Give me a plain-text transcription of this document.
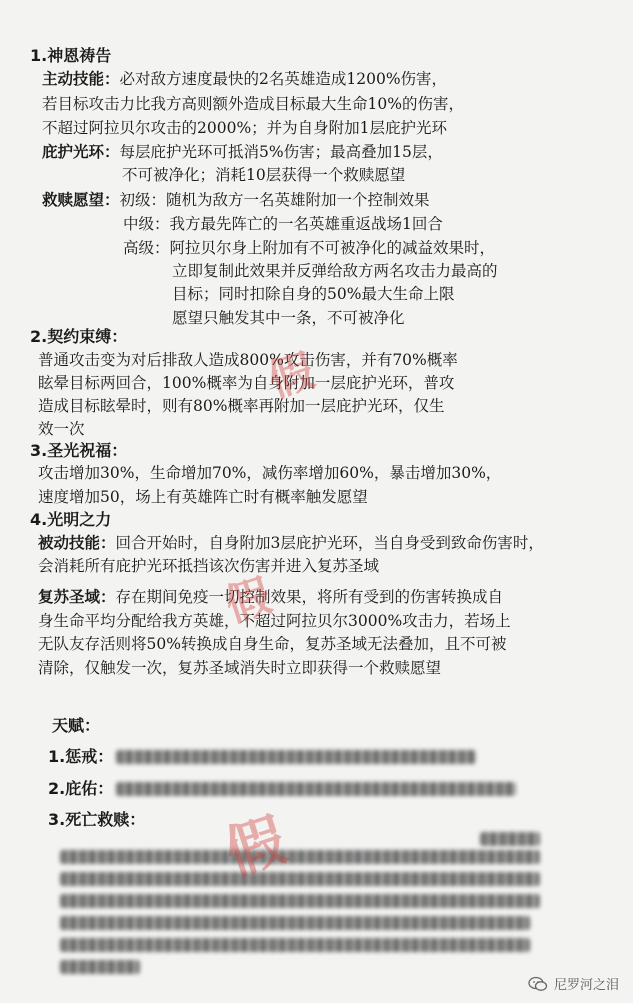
1.神恩祷告
主动技能：必对敌方速度最快的2名英雄造成1200%伤害，
若目标攻击力比我方高则额外造成目标最大生命10%的伤害，
不超过阿拉贝尔攻击的2000%；并为自身附加1层庇护光环
庇护光环：每层庇护光环可抵消5%伤害；最高叠加15层，
不可被净化；消耗10层获得一个救赎愿望
救赎愿望：初级：随机为敌方一名英雄附加一个控制效果
中级：我方最先阵亡的一名英雄重返战场1回合
高级：阿拉贝尔身上附加有不可被净化的减益效果时，
立即复制此效果并反弹给敌方两名攻击力最高的
目标；同时扣除自身的50%最大生命上限
愿望只触发其中一条，不可被净化
2.契约束缚：
普通攻击变为对后排敌人造成800%攻击伤害，并有70%概率
眩晕目标两回合，100%概率为自身附加一层庇护光环，普攻
造成目标眩晕时，则有80%概率再附加一层庇护光环，仅生
效一次
3.圣光祝福：
攻击增加30%，生命增加70%，减伤率增加60%，暴击增加30%，
速度增加50，场上有英雄阵亡时有概率触发愿望
4.光明之力
被动技能：回合开始时，自身附加3层庇护光环，当自身受到致命伤害时，
会消耗所有庇护光环抵挡该次伤害并进入复苏圣域
复苏圣域：存在期间免疫一切控制效果，将所有受到的伤害转换成自
身生命平均分配给我方英雄，不超过阿拉贝尔3000%攻击力，若场上
无队友存活则将50%转换成自身生命，复苏圣域无法叠加，且不可被
清除，仅触发一次，复苏圣域消失时立即获得一个救赎愿望
天赋：
1.惩戒：
2.庇佑：
3.死亡救赎：
假
假
假
尼罗河之泪
